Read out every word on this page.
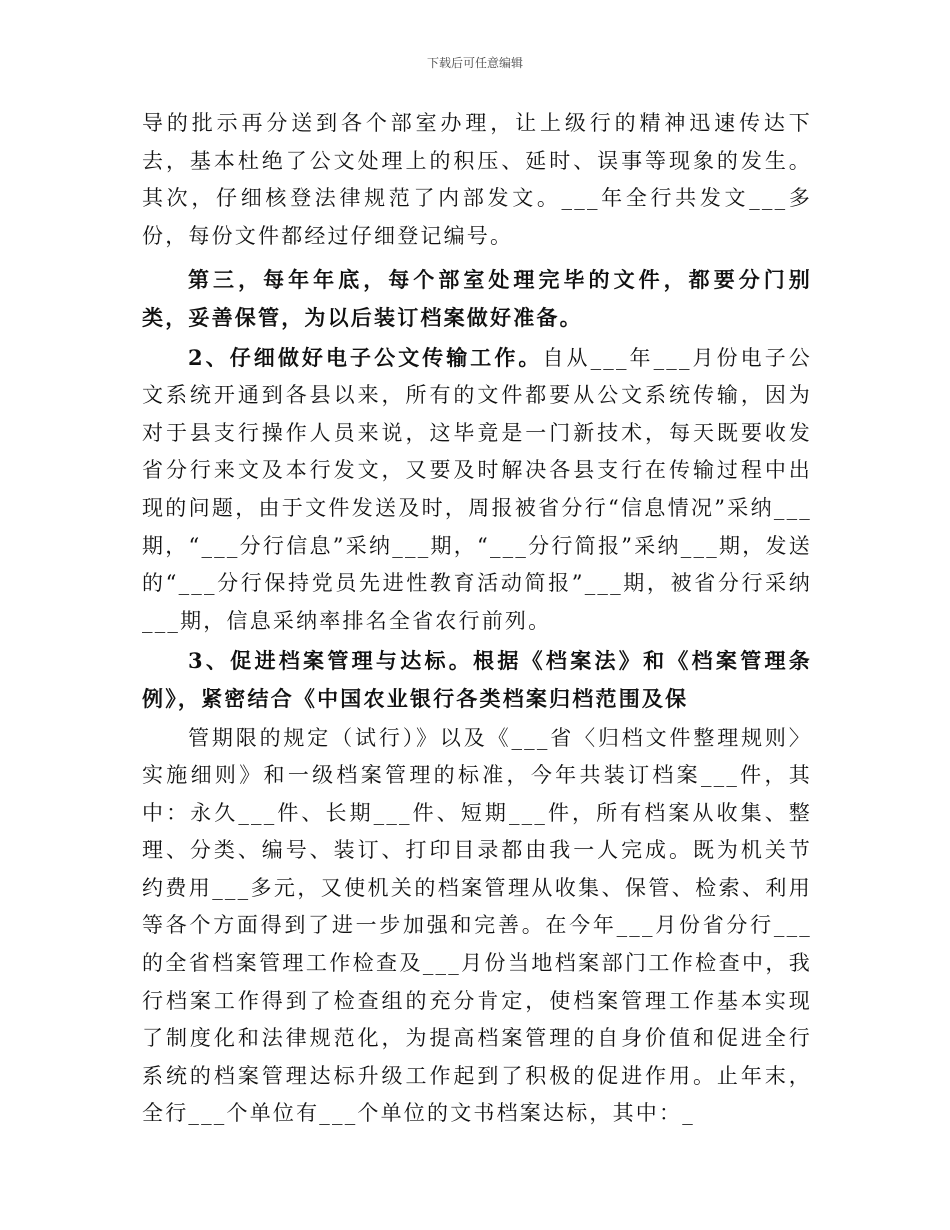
下载后可任意编辑

导的批示再分送到各个部室办理，让上级行的精神迅速传达下去，基本杜绝了公文处理上的积压、延时、误事等现象的发生。其次，仔细核登法律规范了内部发文。___年全行共发文___多份，每份文件都经过仔细登记编号。

第三，每年年底，每个部室处理完毕的文件，都要分门别类，妥善保管，为以后装订档案做好准备。

2、仔细做好电子公文传输工作。自从___年___月份电子公文系统开通到各县以来，所有的文件都要从公文系统传输，因为对于县支行操作人员来说，这毕竟是一门新技术，每天既要收发省分行来文及本行发文，又要及时解决各县支行在传输过程中出现的问题，由于文件发送及时，周报被省分行“信息情况”采纳___期，“___分行信息”采纳___期，“___分行简报”采纳___期，发送的“___分行保持党员先进性教育活动简报”___期，被省分行采纳___期，信息采纳率排名全省农行前列。

3、促进档案管理与达标。根据《档案法》和《档案管理条例》，紧密结合《中国农业银行各类档案归档范围及保

管期限的规定（试行）》以及《___省〈归档文件整理规则〉实施细则》和一级档案管理的标准，今年共装订档案___件，其中：永久___件、长期___件、短期___件，所有档案从收集、整理、分类、编号、装订、打印目录都由我一人完成。既为机关节约费用___多元，又使机关的档案管理从收集、保管、检索、利用等各个方面得到了进一步加强和完善。在今年___月份省分行___的全省档案管理工作检查及___月份当地档案部门工作检查中，我行档案工作得到了检查组的充分肯定，使档案管理工作基本实现了制度化和法律规范化，为提高档案管理的自身价值和促进全行系统的档案管理达标升级工作起到了积极的促进作用。止年末，全行___个单位有___个单位的文书档案达标，其中：_
